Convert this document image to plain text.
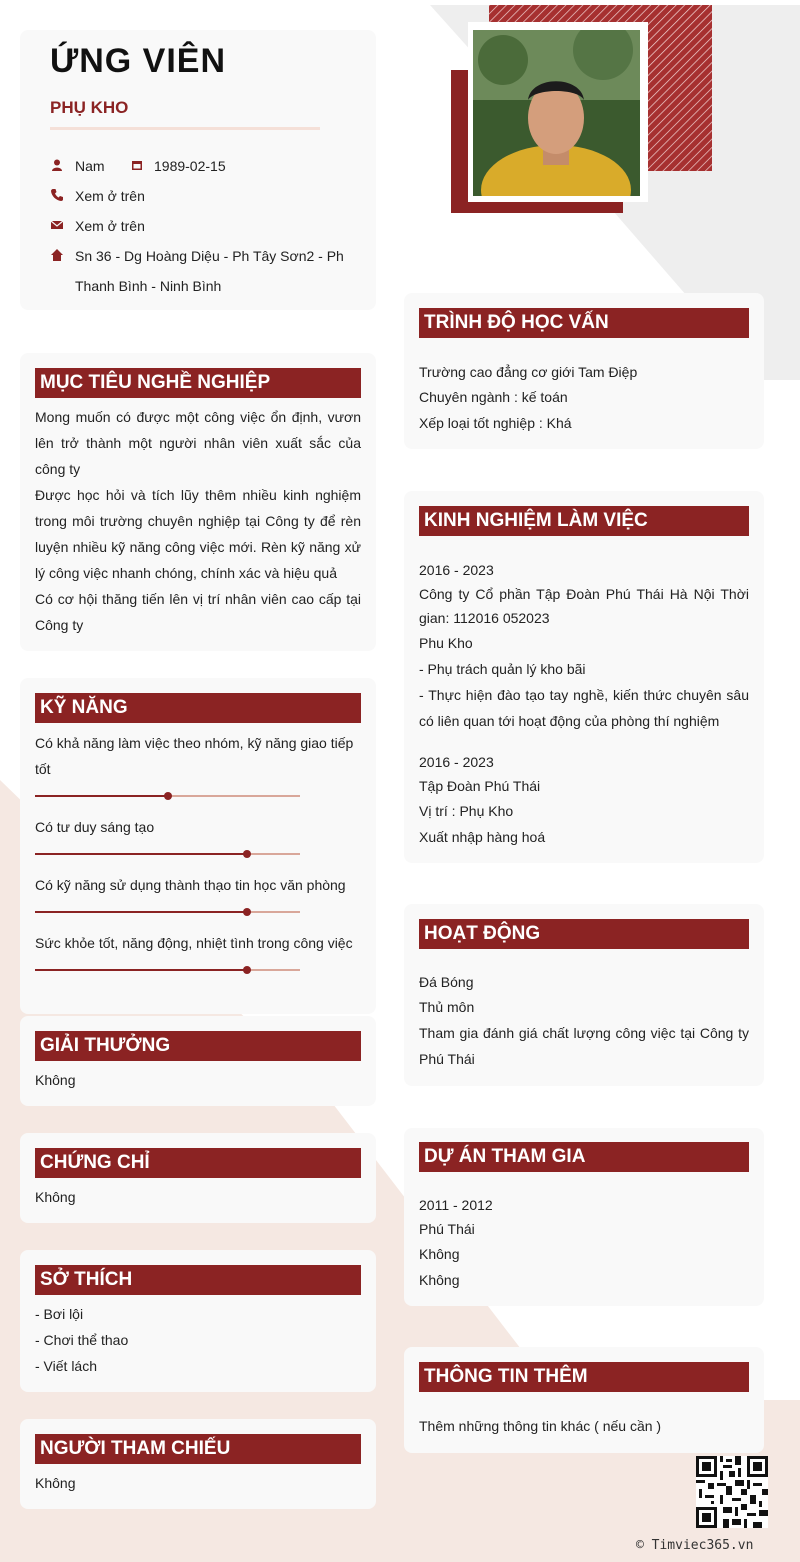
ỨNG VIÊN
PHỤ KHO
Nam	1989-02-15
Xem ở trên
Xem ở trên
Sn 36 - Dg Hoàng Diệu - Ph Tây Sơn2 - Ph
Thanh Bình - Ninh Bình
MỤC TIÊU NGHỀ NGHIỆP
Mong muốn có được một công việc ổn định, vươn lên trở thành một người nhân viên xuất sắc của công ty
Được học hỏi và tích lũy thêm nhiều kinh nghiệm trong môi trường chuyên nghiệp tại Công ty để rèn luyện nhiều kỹ năng công việc mới. Rèn kỹ năng xử lý công việc nhanh chóng, chính xác và hiệu quả
Có cơ hội thăng tiến lên vị trí nhân viên cao cấp tại Công ty
KỸ NĂNG
Có khả năng làm việc theo nhóm, kỹ năng giao tiếp tốt
Có tư duy sáng tạo
Có kỹ năng sử dụng thành thạo tin học văn phòng
Sức khỏe tốt, năng động, nhiệt tình trong công việc
GIẢI THƯỞNG
Không
CHỨNG CHỈ
Không
SỞ THÍCH
- Bơi lội
- Chơi thể thao
- Viết lách
NGƯỜI THAM CHIẾU
Không
TRÌNH ĐỘ HỌC VẤN
Trường cao đẳng cơ giới Tam Điệp
Chuyên ngành : kế toán
Xếp loại tốt nghiệp : Khá
KINH NGHIỆM LÀM VIỆC
2016 - 2023
Công ty Cổ phần Tập Đoàn Phú Thái Hà Nội Thời gian: 112016 052023
Phu Kho
- Phụ trách quản lý kho bãi
- Thực hiện đào tạo tay nghề, kiến thức chuyên sâu có liên quan tới hoạt động của phòng thí nghiệm
2016 - 2023
Tập Đoàn Phú Thái
Vị trí : Phụ Kho
Xuất nhập hàng hoá
HOẠT ĐỘNG
Đá Bóng
Thủ môn
Tham gia đánh giá chất lượng công việc tại Công ty Phú Thái
DỰ ÁN THAM GIA
2011 - 2012
Phú Thái
Không
Không
THÔNG TIN THÊM
Thêm những thông tin khác ( nếu cần )
© Timviec365.vn
